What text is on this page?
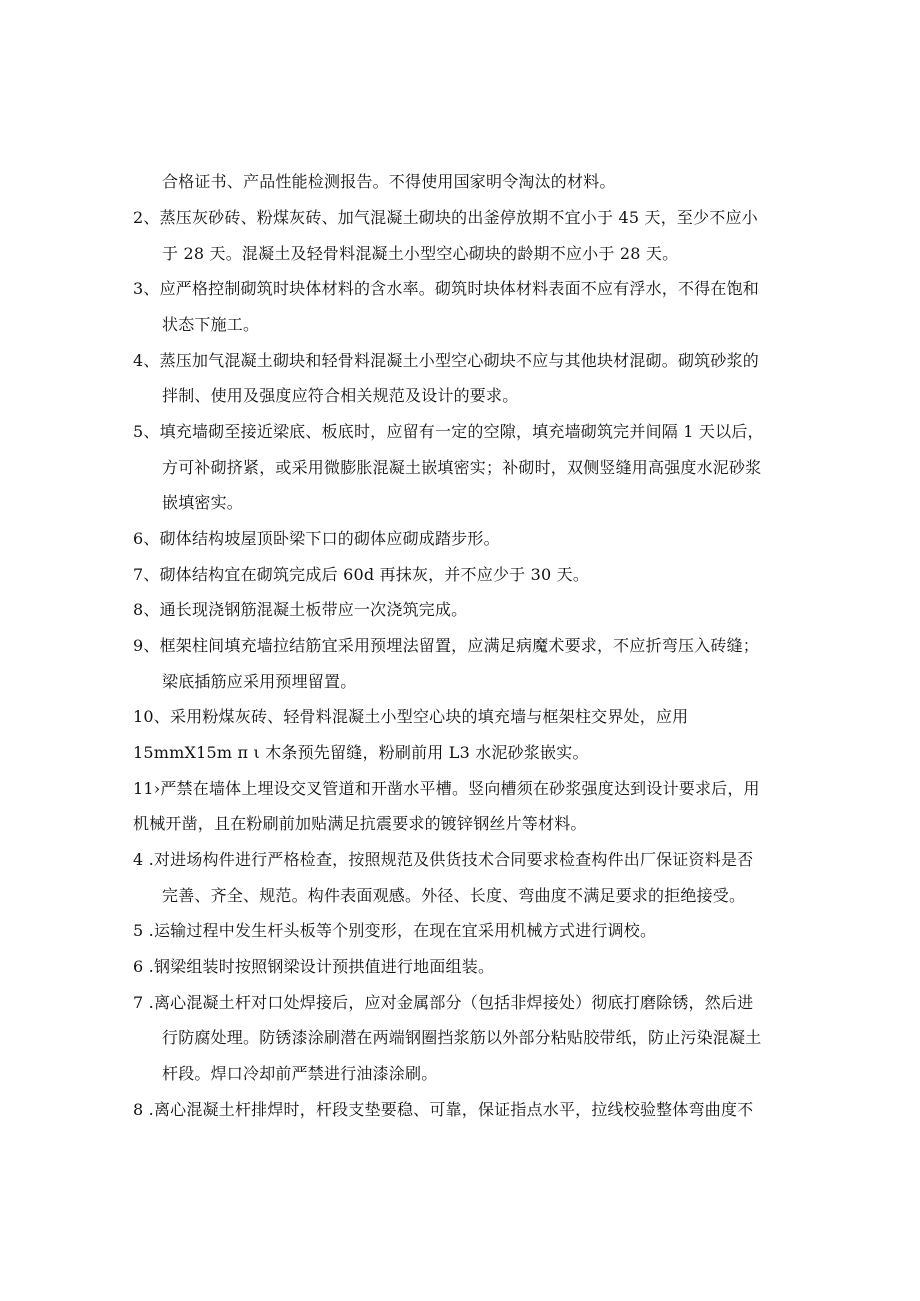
合格证书、产品性能检测报告。不得使用国家明令淘汰的材料。
2、蒸压灰砂砖、粉煤灰砖、加气混凝土砌块的出釜停放期不宜小于 45 天，至少不应小
于 28 天。混凝土及轻骨料混凝土小型空心砌块的龄期不应小于 28 天。
3、应严格控制砌筑时块体材料的含水率。砌筑时块体材料表面不应有浮水，不得在饱和
状态下施工。
4、蒸压加气混凝土砌块和轻骨料混凝土小型空心砌块不应与其他块材混砌。砌筑砂浆的
拌制、使用及强度应符合相关规范及设计的要求。
5、填充墙砌至接近梁底、板底时，应留有一定的空隙，填充墙砌筑完并间隔 1 天以后，
方可补砌挤紧，或采用微膨胀混凝土嵌填密实；补砌时，双侧竖缝用高强度水泥砂浆
嵌填密实。
6、砌体结构坡屋顶卧梁下口的砌体应砌成踏步形。
7、砌体结构宜在砌筑完成后 60d 再抹灰，并不应少于 30 天。
8、通长现浇钢筋混凝土板带应一次浇筑完成。
9、框架柱间填充墙拉结筋宜采用预埋法留置，应满足病魔术要求，不应折弯压入砖缝；
梁底插筋应采用预埋留置。
10、采用粉煤灰砖、轻骨料混凝土小型空心块的填充墙与框架柱交界处，应用
15mmX15m π ι 木条预先留缝，粉刷前用 L3 水泥砂浆嵌实。
11›严禁在墙体上埋设交叉管道和开凿水平槽。竖向槽须在砂浆强度达到设计要求后，用
机械开凿，且在粉刷前加贴满足抗震要求的镀锌钢丝片等材料。
4 .对进场构件进行严格检查，按照规范及供货技术合同要求检查构件出厂保证资料是否
完善、齐全、规范。构件表面观感。外径、长度、弯曲度不满足要求的拒绝接受。
5 .运输过程中发生杆头板等个别变形，在现在宜采用机械方式进行调校。
6 .钢梁组装时按照钢梁设计预拱值进行地面组装。
7 .离心混凝土杆对口处焊接后，应对金属部分（包括非焊接处）彻底打磨除锈，然后进
行防腐处理。防锈漆涂刷潜在两端钢圈挡浆筋以外部分粘贴胶带纸，防止污染混凝土
杆段。焊口冷却前严禁进行油漆涂刷。
8 .离心混凝土杆排焊时，杆段支垫要稳、可靠，保证指点水平，拉线校验整体弯曲度不
